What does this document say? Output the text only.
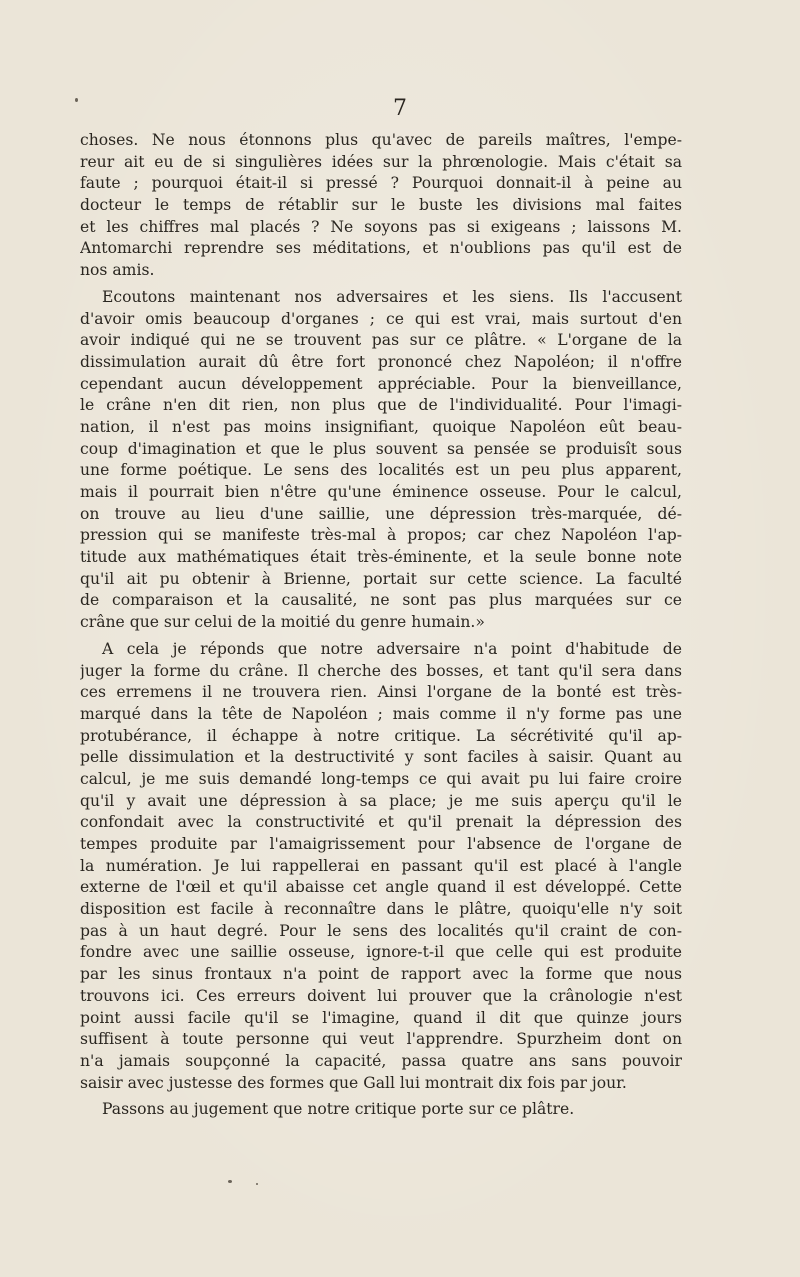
7
choses. Ne nous étonnons plus qu'avec de pareils maîtres, l'empe-
reur ait eu de si singulières idées sur la phrœnologie. Mais c'était sa
faute ; pourquoi était-il si pressé ? Pourquoi donnait-il à peine au
docteur le temps de rétablir sur le buste les divisions mal faites
et les chiffres mal placés ? Ne soyons pas si exigeans ; laissons M.
Antomarchi reprendre ses méditations, et n'oublions pas qu'il est de
nos amis.
Ecoutons maintenant nos adversaires et les siens. Ils l'accusent
d'avoir omis beaucoup d'organes ; ce qui est vrai, mais surtout d'en
avoir indiqué qui ne se trouvent pas sur ce plâtre. « L'organe de la
dissimulation aurait dû être fort prononcé chez Napoléon; il n'offre
cependant aucun développement appréciable. Pour la bienveillance,
le crâne n'en dit rien, non plus que de l'individualité. Pour l'imagi-
nation, il n'est pas moins insignifiant, quoique Napoléon eût beau-
coup d'imagination et que le plus souvent sa pensée se produisît sous
une forme poétique. Le sens des localités est un peu plus apparent,
mais il pourrait bien n'être qu'une éminence osseuse. Pour le calcul,
on trouve au lieu d'une saillie, une dépression très-marquée, dé-
pression qui se manifeste très-mal à propos; car chez Napoléon l'ap-
titude aux mathématiques était très-éminente, et la seule bonne note
qu'il ait pu obtenir à Brienne, portait sur cette science. La faculté
de comparaison et la causalité, ne sont pas plus marquées sur ce
crâne que sur celui de la moitié du genre humain.»
A cela je réponds que notre adversaire n'a point d'habitude de
juger la forme du crâne. Il cherche des bosses, et tant qu'il sera dans
ces erremens il ne trouvera rien. Ainsi l'organe de la bonté est très-
marqué dans la tête de Napoléon ; mais comme il n'y forme pas une
protubérance, il échappe à notre critique. La sécrétivité qu'il ap-
pelle dissimulation et la destructivité y sont faciles à saisir. Quant au
calcul, je me suis demandé long-temps ce qui avait pu lui faire croire
qu'il y avait une dépression à sa place; je me suis aperçu qu'il le
confondait avec la constructivité et qu'il prenait la dépression des
tempes produite par l'amaigrissement pour l'absence de l'organe de
la numération. Je lui rappellerai en passant qu'il est placé à l'angle
externe de l'œil et qu'il abaisse cet angle quand il est développé. Cette
disposition est facile à reconnaître dans le plâtre, quoiqu'elle n'y soit
pas à un haut degré. Pour le sens des localités qu'il craint de con-
fondre avec une saillie osseuse, ignore-t-il que celle qui est produite
par les sinus frontaux n'a point de rapport avec la forme que nous
trouvons ici. Ces erreurs doivent lui prouver que la crânologie n'est
point aussi facile qu'il se l'imagine, quand il dit que quinze jours
suffisent à toute personne qui veut l'apprendre. Spurzheim dont on
n'a jamais soupçonné la capacité, passa quatre ans sans pouvoir
saisir avec justesse des formes que Gall lui montrait dix fois par jour.
Passons au jugement que notre critique porte sur ce plâtre.
